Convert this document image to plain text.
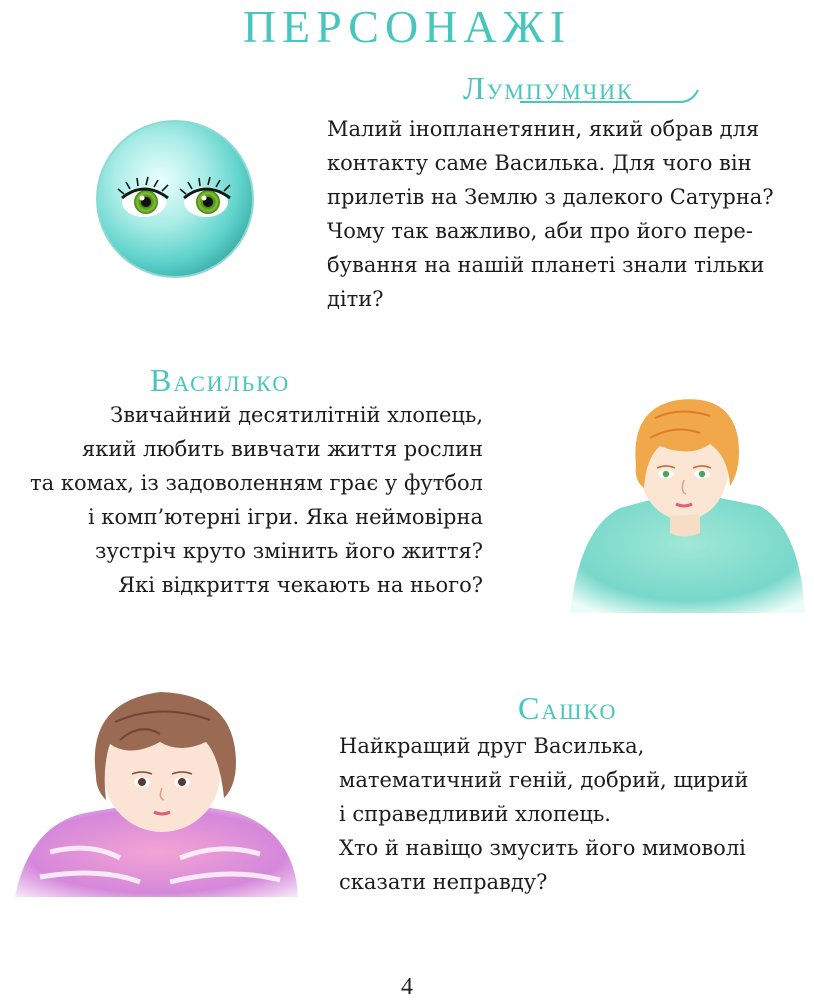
ПЕРСОНАЖІ
Лумпумчик
Малий інопланетянин, який обрав для
контакту саме Василька. Для чого він
прилетів на Землю з далекого Сатурна?
Чому так важливо, аби про його пере-
бування на нашій планеті знали тільки
діти?
Василько
Звичайний десятилітній хлопець,
який любить вивчати життя рослин
та комах, із задоволенням грає у футбол
і комп’ютерні ігри. Яка неймовірна
зустріч круто змінить його життя?
Які відкриття чекають на нього?
Сашко
Найкращий друг Василька,
математичний геній, добрий, щирий
і справедливий хлопець.
Хто й навіщо змусить його мимоволі
сказати неправду?
4
